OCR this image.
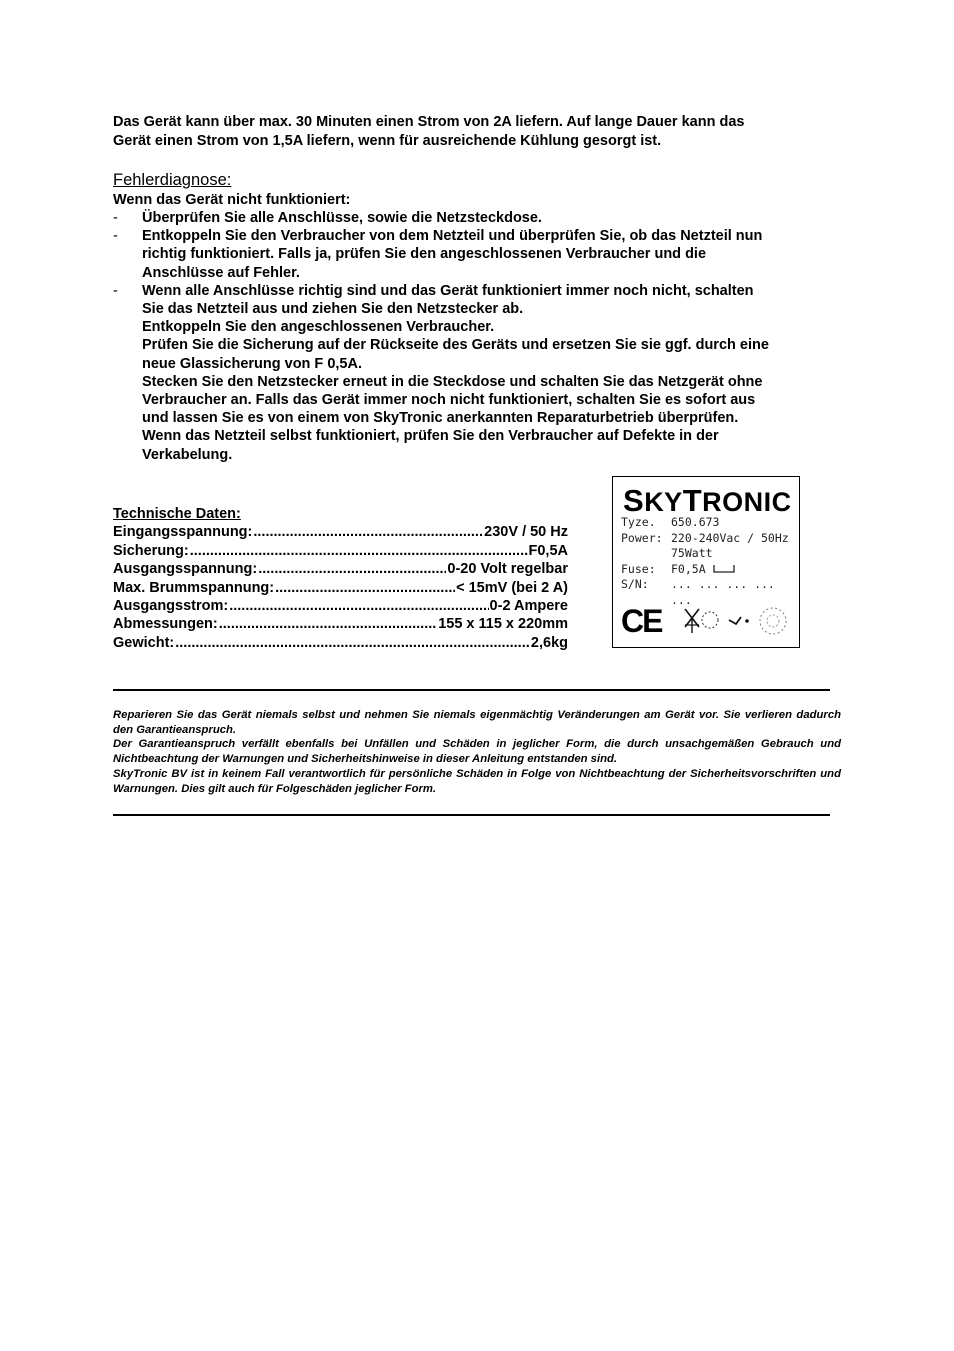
Das Gerät kann über max. 30 Minuten einen Strom von 2A liefern. Auf lange Dauer kann das
Gerät einen Strom von 1,5A liefern, wenn für ausreichende Kühlung gesorgt ist.
Fehlerdiagnose:
Wenn das Gerät nicht funktioniert:
- Überprüfen Sie alle Anschlüsse, sowie die Netzsteckdose.
- Entkoppeln Sie den Verbraucher von dem Netzteil und überprüfen Sie, ob das Netzteil nun
richtig funktioniert. Falls ja, prüfen Sie den angeschlossenen Verbraucher und die
Anschlüsse auf Fehler.
- Wenn alle Anschlüsse richtig sind und das Gerät funktioniert immer noch nicht, schalten
Sie das Netzteil aus und ziehen Sie den Netzstecker ab.
Entkoppeln Sie den angeschlossenen Verbraucher.
Prüfen Sie die Sicherung auf der Rückseite des Geräts und ersetzen Sie sie ggf. durch eine
neue Glassicherung von F 0,5A.
Stecken Sie den Netzstecker erneut in die Steckdose und schalten Sie das Netzgerät ohne
Verbraucher an. Falls das Gerät immer noch nicht funktioniert, schalten Sie es sofort aus
und lassen Sie es von einem von SkyTronic anerkannten Reparaturbetrieb überprüfen.
Wenn das Netzteil selbst funktioniert, prüfen Sie den Verbraucher auf Defekte in der
Verkabelung.
Technische Daten:
Eingangsspannung: .....	230V / 50 Hz
Sicherung: .....	F0,5A
Ausgangsspannung: .....	0-20 Volt regelbar
Max. Brummspannung: .....	< 15mV (bei 2 A)
Ausgangsstrom: .....	0-2 Ampere
Abmessungen: .....	155 x 115 x 220mm
Gewicht: .....	2,6kg
SKYTRONIC
Tyze.	650.673
Power: 220-240Vac / 50Hz
75Watt
Fuse:	F0,5A
S/N:	... ... ... ... ...
CE

Reparieren Sie das Gerät niemals selbst und nehmen Sie niemals eigenmächtig Veränderungen am Gerät vor. Sie verlieren dadurch den Garantieanspruch.

Der Garantieanspruch verfällt ebenfalls bei Unfällen und Schäden in jeglicher Form, die durch unsachgemäßen Gebrauch und Nichtbeachtung der Warnungen und Sicherheitshinweise in dieser Anleitung entstanden sind.

SkyTronic BV ist in keinem Fall verantwortlich für persönliche Schäden in Folge von Nichtbeachtung der Sicherheitsvorschriften und Warnungen. Dies gilt auch für Folgeschäden jeglicher Form.
